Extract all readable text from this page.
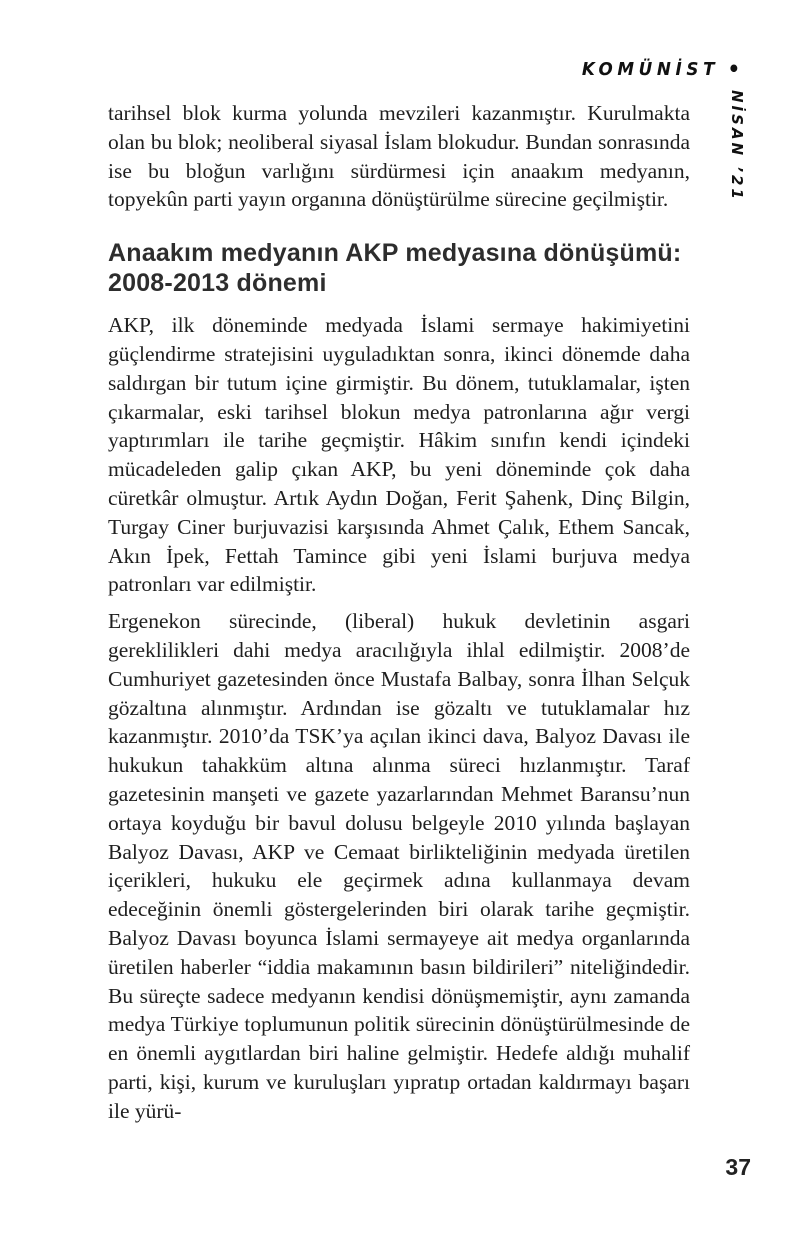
KOMÜNİST •
NİSAN ’21

tarihsel blok kurma yolunda mevzileri kazanmıştır. Kurulmakta olan bu blok; neoliberal siyasal İslam blokudur. Bundan sonrasında ise bu bloğun varlığını sürdürmesi için anaakım medyanın, topyekûn parti yayın organına dönüştürülme sürecine geçilmiştir.

Anaakım medyanın AKP medyasına dönüşümü: 2008-2013 dönemi

AKP, ilk döneminde medyada İslami sermaye hakimiyetini güçlendirme stratejisini uyguladıktan sonra, ikinci dönemde daha saldırgan bir tutum içine girmiştir. Bu dönem, tutuklamalar, işten çıkarmalar, eski tarihsel blokun medya patronlarına ağır vergi yaptırımları ile tarihe geçmiştir. Hâkim sınıfın kendi içindeki mücadeleden galip çıkan AKP, bu yeni döneminde çok daha cüretkâr olmuştur. Artık Aydın Doğan, Ferit Şahenk, Dinç Bilgin, Turgay Ciner burjuvazisi karşısında Ahmet Çalık, Ethem Sancak, Akın İpek, Fettah Tamince gibi yeni İslami burjuva medya patronları var edilmiştir.

Ergenekon sürecinde, (liberal) hukuk devletinin asgari gereklilikleri dahi medya aracılığıyla ihlal edilmiştir. 2008’de Cumhuriyet gazetesinden önce Mustafa Balbay, sonra İlhan Selçuk gözaltına alınmıştır. Ardından ise gözaltı ve tutuklamalar hız kazanmıştır. 2010’da TSK’ya açılan ikinci dava, Balyoz Davası ile hukukun tahakküm altına alınma süreci hızlanmıştır. Taraf gazetesinin manşeti ve gazete yazarlarından Mehmet Baransu’nun ortaya koyduğu bir bavul dolusu belgeyle 2010 yılında başlayan Balyoz Davası, AKP ve Cemaat birlikteliğinin medyada üretilen içerikleri, hukuku ele geçirmek adına kullanmaya devam edeceğinin önemli göstergelerinden biri olarak tarihe geçmiştir. Balyoz Davası boyunca İslami sermayeye ait medya organlarında üretilen haberler “iddia makamının basın bildirileri” niteliğindedir. Bu süreçte sadece medyanın kendisi dönüşmemiştir, aynı zamanda medya Türkiye toplumunun politik sürecinin dönüştürülmesinde de en önemli aygıtlardan biri haline gelmiştir. Hedefe aldığı muhalif parti, kişi, kurum ve kuruluşları yıpratıp ortadan kaldırmayı başarı ile yürü-

37
